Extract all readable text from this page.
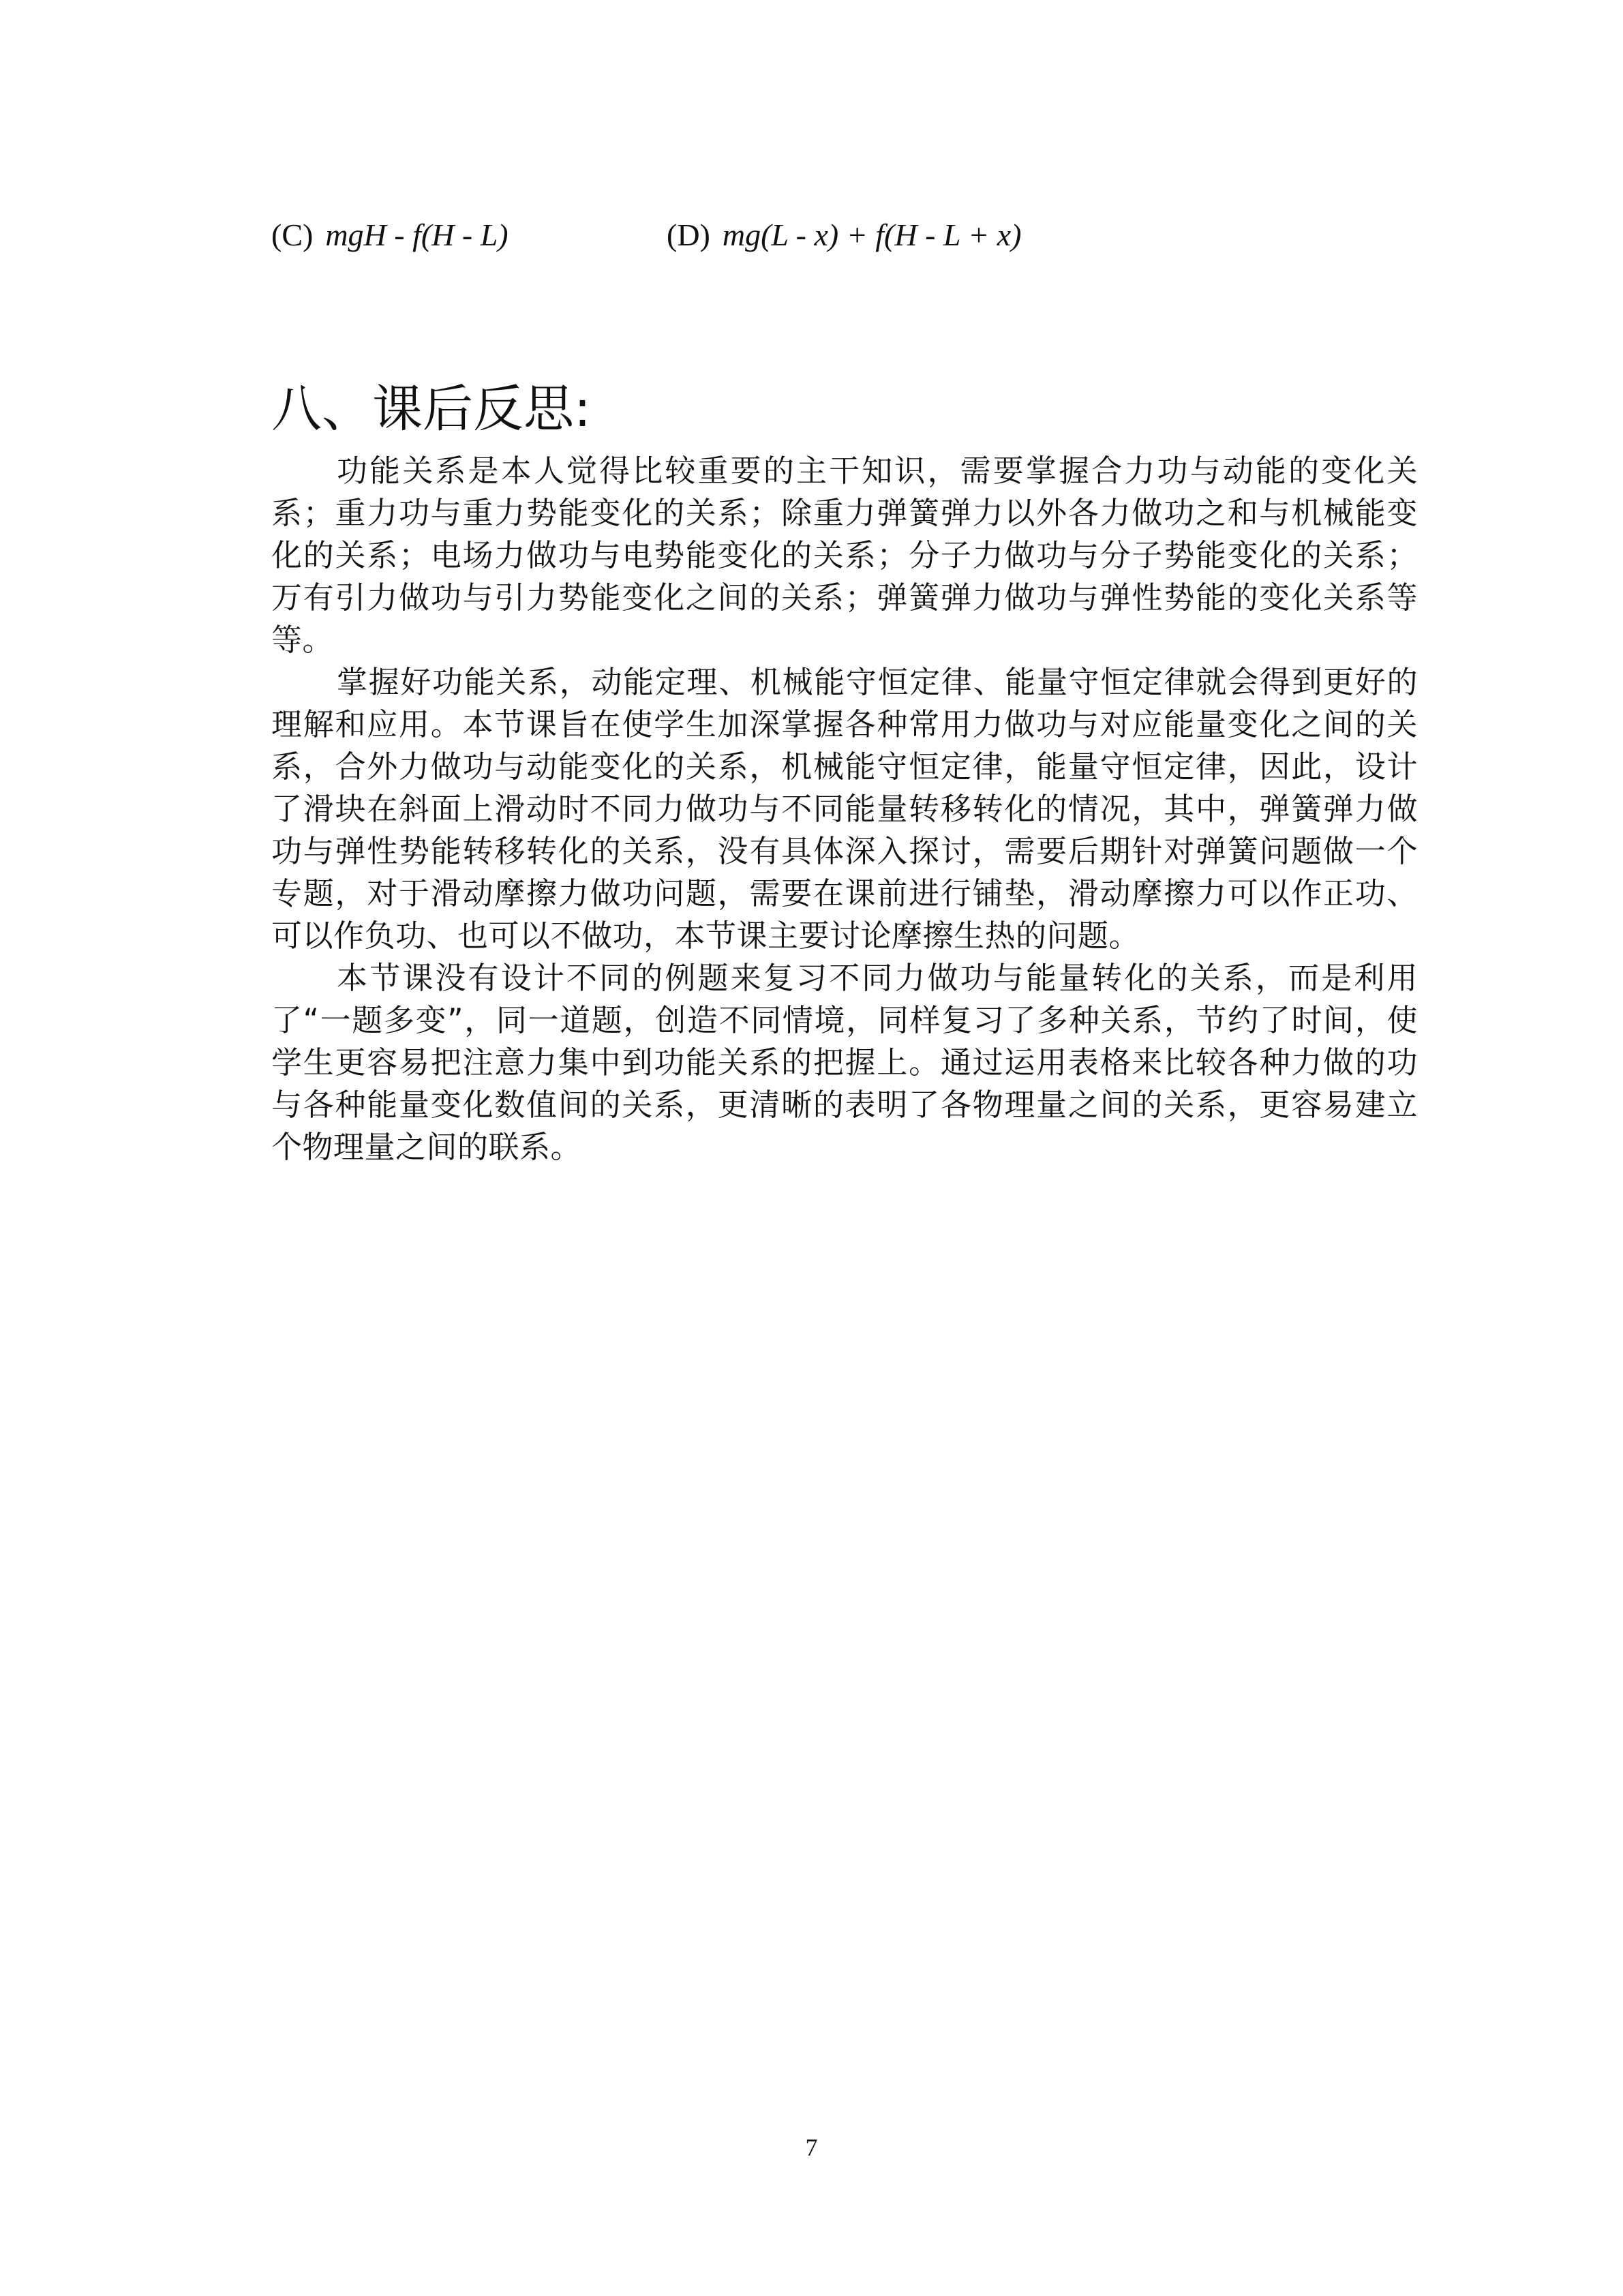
(C) mgH - f(H - L)	(D) mg(L - x) + f(H - L + x)
八、课后反思:

功能关系是本人觉得比较重要的主干知识，需要掌握合力功与动能的变化关系；重力功与重力势能变化的关系；除重力弹簧弹力以外各力做功之和与机械能变化的关系；电场力做功与电势能变化的关系；分子力做功与分子势能变化的关系；万有引力做功与引力势能变化之间的关系；弹簧弹力做功与弹性势能的变化关系等等。

掌握好功能关系，动能定理、机械能守恒定律、能量守恒定律就会得到更好的理解和应用。本节课旨在使学生加深掌握各种常用力做功与对应能量变化之间的关系，合外力做功与动能变化的关系，机械能守恒定律，能量守恒定律，因此，设计了滑块在斜面上滑动时不同力做功与不同能量转移转化的情况，其中，弹簧弹力做功与弹性势能转移转化的关系，没有具体深入探讨，需要后期针对弹簧问题做一个专题，对于滑动摩擦力做功问题，需要在课前进行铺垫，滑动摩擦力可以作正功、可以作负功、也可以不做功，本节课主要讨论摩擦生热的问题。

本节课没有设计不同的例题来复习不同力做功与能量转化的关系，而是利用了“一题多变”，同一道题，创造不同情境，同样复习了多种关系，节约了时间，使学生更容易把注意力集中到功能关系的把握上。通过运用表格来比较各种力做的功与各种能量变化数值间的关系，更清晰的表明了各物理量之间的关系，更容易建立个物理量之间的联系。

7
